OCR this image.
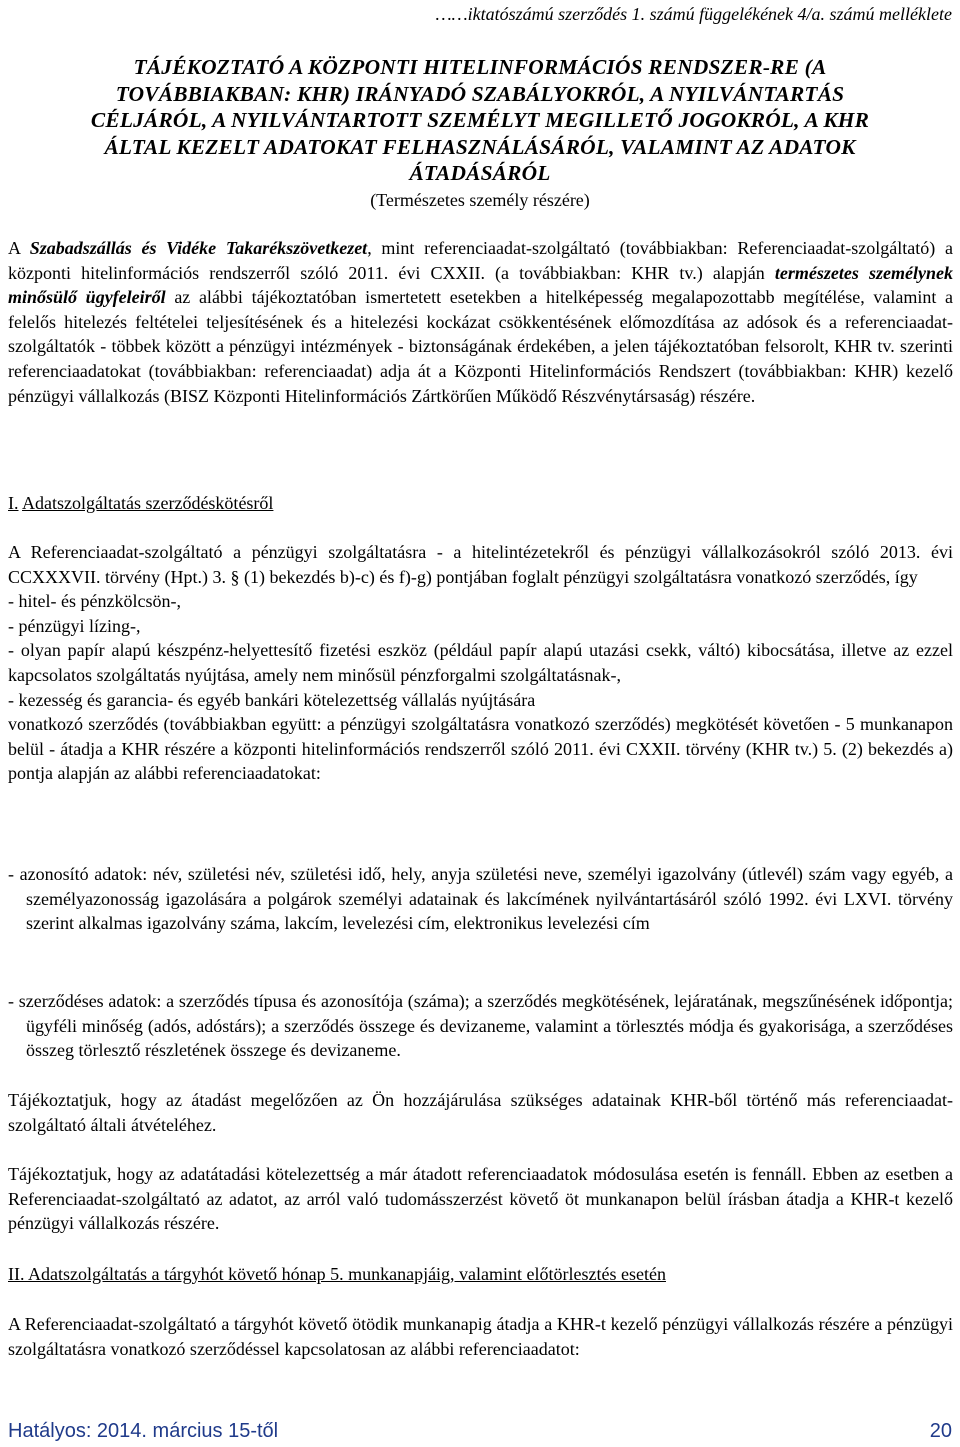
……iktatószámú szerződés 1. számú függelékének 4/a. számú melléklete
TÁJÉKOZTATÓ A KÖZPONTI HITELINFORMÁCIÓS RENDSZER-RE (A
TOVÁBBIAKBAN: KHR) IRÁNYADÓ SZABÁLYOKRÓL, A NYILVÁNTARTÁS
CÉLJÁRÓL, A NYILVÁNTARTOTT SZEMÉLYT MEGILLETŐ JOGOKRÓL, A KHR
ÁLTAL KEZELT ADATOKAT FELHASZNÁLÁSÁRÓL, VALAMINT AZ ADATOK
ÁTADÁSÁRÓL
(Természetes személy részére)

A Szabadszállás és Vidéke Takarékszövetkezet, mint referenciaadat-szolgáltató (továbbiakban: Referenciaadat-szolgáltató) a központi hitelinformációs rendszerről szóló 2011. évi CXXII. (a továbbiakban: KHR tv.) alapján természetes személynek minősülő ügyfeleiről az alábbi tájékoztatóban ismertetett esetekben a hitelképesség megalapozottabb megítélése, valamint a felelős hitelezés feltételei teljesítésének és a hitelezési kockázat csökkentésének előmozdítása az adósok és a referenciaadat-szolgáltatók - többek között a pénzügyi intézmények - biztonságának érdekében, a jelen tájékoztatóban felsorolt, KHR tv. szerinti referenciaadatokat (továbbiakban: referenciaadat) adja át a Központi Hitelinformációs Rendszert (továbbiakban: KHR) kezelő pénzügyi vállalkozás (BISZ Központi Hitelinformációs Zártkörűen Működő Részvénytársaság) részére.

I. Adatszolgáltatás szerződéskötésről

A Referenciaadat-szolgáltató a pénzügyi szolgáltatásra - a hitelintézetekről és pénzügyi vállalkozásokról szóló 2013. évi CCXXXVII. törvény (Hpt.) 3. § (1) bekezdés b)-c) és f)-g) pontjában foglalt pénzügyi szolgáltatásra vonatkozó szerződés, így

- hitel- és pénzkölcsön-,

- pénzügyi lízing-,

- olyan papír alapú készpénz-helyettesítő fizetési eszköz (például papír alapú utazási csekk, váltó) kibocsátása, illetve az ezzel kapcsolatos szolgáltatás nyújtása, amely nem minősül pénzforgalmi szolgáltatásnak-,

- kezesség és garancia- és egyéb bankári kötelezettség vállalás nyújtására

vonatkozó szerződés (továbbiakban együtt: a pénzügyi szolgáltatásra vonatkozó szerződés) megkötését követően - 5 munkanapon belül - átadja a KHR részére a központi hitelinformációs rendszerről szóló 2011. évi CXXII. törvény (KHR tv.) 5. (2) bekezdés a) pontja alapján az alábbi referenciaadatokat:

- azonosító adatok: név, születési név, születési idő, hely, anyja születési neve, személyi igazolvány (útlevél) szám vagy egyéb, a személyazonosság igazolására a polgárok személyi adatainak és lakcímének nyilvántartásáról szóló 1992. évi LXVI. törvény szerint alkalmas igazolvány száma, lakcím, levelezési cím, elektronikus levelezési cím

- szerződéses adatok: a szerződés típusa és azonosítója (száma); a szerződés megkötésének, lejáratának, megszűnésének időpontja; ügyféli minőség (adós, adóstárs); a szerződés összege és devizaneme, valamint a törlesztés módja és gyakorisága, a szerződéses összeg törlesztő részletének összege és devizaneme.

Tájékoztatjuk, hogy az átadást megelőzően az Ön hozzájárulása szükséges adatainak KHR-ből történő más referenciaadat-szolgáltató általi átvételéhez.

Tájékoztatjuk, hogy az adatátadási kötelezettség a már átadott referenciaadatok módosulása esetén is fennáll. Ebben az esetben a Referenciaadat-szolgáltató az adatot, az arról való tudomásszerzést követő öt munkanapon belül írásban átadja a KHR-t kezelő pénzügyi vállalkozás részére.

II. Adatszolgáltatás a tárgyhót követő hónap 5. munkanapjáig, valamint előtörlesztés esetén

A Referenciaadat-szolgáltató a tárgyhót követő ötödik munkanapig átadja a KHR-t kezelő pénzügyi vállalkozás részére a pénzügyi szolgáltatásra vonatkozó szerződéssel kapcsolatosan az alábbi referenciaadatot:

Hatályos: 2014. március 15-től	20
